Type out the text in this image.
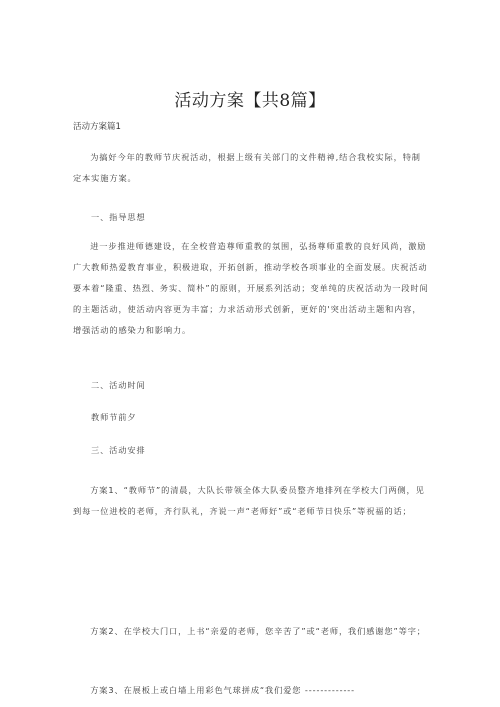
活动方案【共8篇】
活动方案篇1

为搞好今年的教师节庆祝活动，根据上级有关部门的文件精神,结合我校实际，特制定本实施方案。

一、指导思想

进一步推进师德建设，在全校营造尊师重教的氛围，弘扬尊师重教的良好风尚，激励广大教师热爱教育事业，积极进取，开拓创新，推动学校各项事业的全面发展。庆祝活动要本着“隆重、热烈、务实、简朴”的原则，开展系列活动；变单纯的庆祝活动为一段时间的主题活动，使活动内容更为丰富；力求活动形式创新，更好的'突出活动主题和内容，增强活动的感染力和影响力。

二、活动时间

教师节前夕

三、活动安排

方案1、“教师节”的清晨，大队长带领全体大队委员整齐地排列在学校大门两侧，见到每一位进校的老师，齐行队礼，齐说一声“老师好”或“老师节日快乐”等祝福的话；

方案2、在学校大门口，上书“亲爱的老师，您辛苦了”或“老师，我们感谢您”等字；

方案3、在展板上或白墙上用彩色气球拼成“我们爱您 -------------
